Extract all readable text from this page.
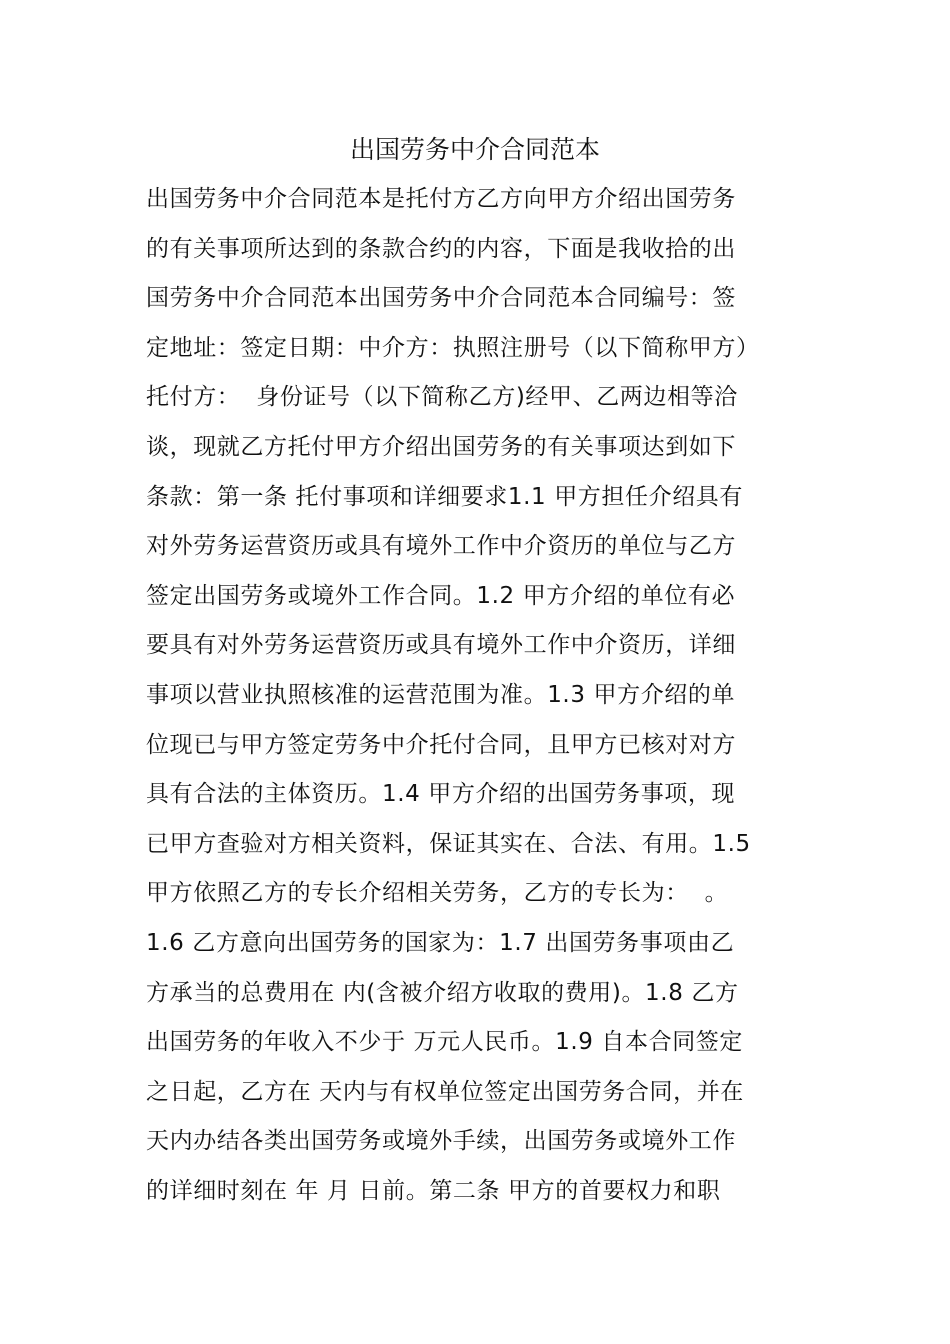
出国劳务中介合同范本
出国劳务中介合同范本是托付方乙方向甲方介绍出国劳务
的有关事项所达到的条款合约的内容，下面是我收拾的出
国劳务中介合同范本出国劳务中介合同范本合同编号：签
定地址：签定日期：中介方：执照注册号（以下简称甲方）
托付方：  身份证号（以下简称乙方)经甲、乙两边相等洽
谈，现就乙方托付甲方介绍出国劳务的有关事项达到如下
条款：第一条 托付事项和详细要求1.1 甲方担任介绍具有
对外劳务运营资历或具有境外工作中介资历的单位与乙方
签定出国劳务或境外工作合同。1.2 甲方介绍的单位有必
要具有对外劳务运营资历或具有境外工作中介资历，详细
事项以营业执照核准的运营范围为准。1.3 甲方介绍的单
位现已与甲方签定劳务中介托付合同，且甲方已核对对方
具有合法的主体资历。1.4 甲方介绍的出国劳务事项，现
已甲方查验对方相关资料，保证其实在、合法、有用。1.5
甲方依照乙方的专长介绍相关劳务，乙方的专长为：  。
1.6 乙方意向出国劳务的国家为：1.7 出国劳务事项由乙
方承当的总费用在 内(含被介绍方收取的费用)。1.8 乙方
出国劳务的年收入不少于 万元人民币。1.9 自本合同签定
之日起，乙方在 天内与有权单位签定出国劳务合同，并在
天内办结各类出国劳务或境外手续，出国劳务或境外工作
的详细时刻在 年 月 日前。第二条 甲方的首要权力和职
